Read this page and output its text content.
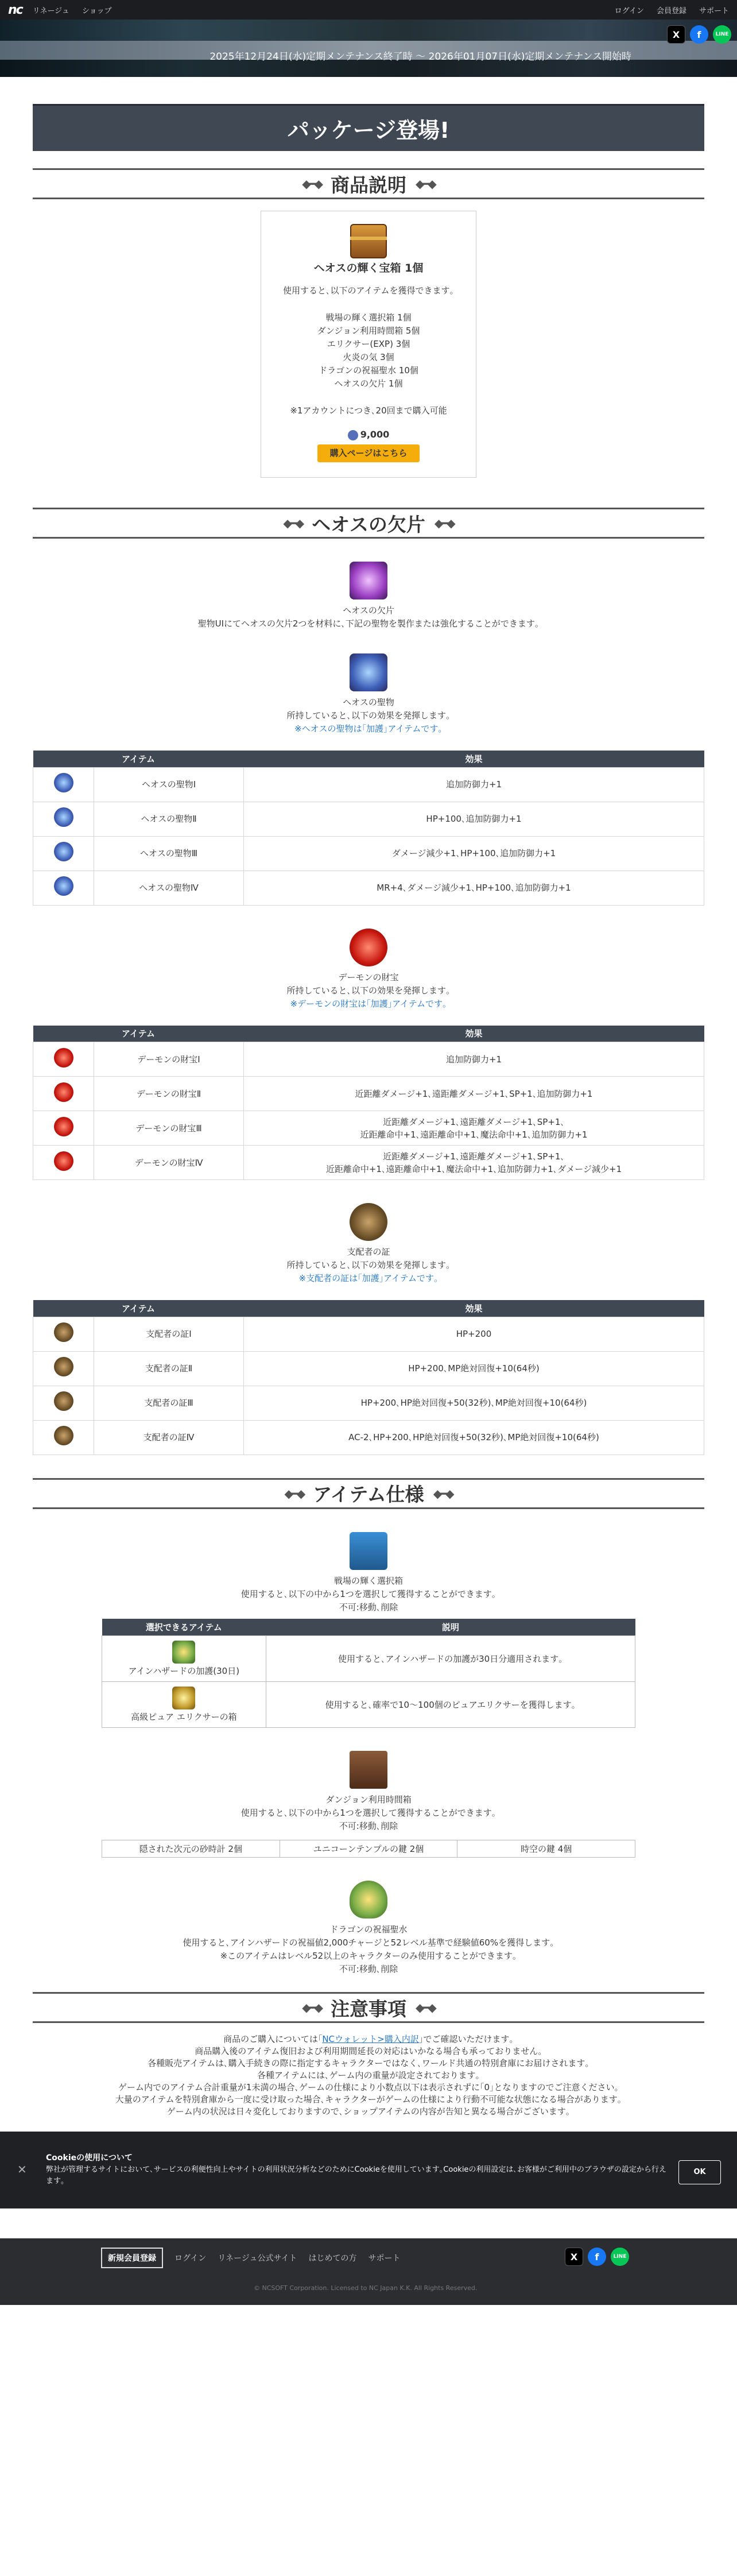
nc リネージュ ショップ	ログイン 会員登録 サポート
2025年12月24日(水)定期メンテナンス終了時 〜 2026年01月07日(水)定期メンテナンス開始時
X	f	LINE
パッケージ登場!
◆━◆ 商品説明 ◆━◆
ヘオスの輝く宝箱 1個

使用すると､以下のアイテムを獲得できます｡

戦場の輝く選択箱 1個

ダンジョン利用時間箱 5個

エリクサー(EXP) 3個

火炎の気 3個

ドラゴンの祝福聖水 10個

ヘオスの欠片 1個

※1アカウントにつき､20回まで購入可能

9,000
購入ページはこちら
◆━◆ ヘオスの欠片 ◆━◆

ヘオスの欠片

聖物UIにてヘオスの欠片2つを材料に､下記の聖物を製作または強化することができます｡

ヘオスの聖物

所持していると､以下の効果を発揮します｡

※ヘオスの聖物は｢加護｣アイテムです｡

アイテム		効果
	ヘオスの聖物Ⅰ	追加防御力+1
	ヘオスの聖物Ⅱ	HP+100､追加防御力+1
	ヘオスの聖物Ⅲ	ダメージ減少+1､HP+100､追加防御力+1
	ヘオスの聖物Ⅳ	MR+4､ダメージ減少+1､HP+100､追加防御力+1

デーモンの財宝

所持していると､以下の効果を発揮します｡

※デーモンの財宝は｢加護｣アイテムです｡

アイテム		効果
	デーモンの財宝Ⅰ	追加防御力+1
	デーモンの財宝Ⅱ	近距離ダメージ+1､遠距離ダメージ+1､SP+1､追加防御力+1
	デーモンの財宝Ⅲ	近距離ダメージ+1､遠距離ダメージ+1､SP+1､
近距離命中+1､遠距離命中+1､魔法命中+1､追加防御力+1
	デーモンの財宝Ⅳ	近距離ダメージ+1､遠距離ダメージ+1､SP+1､
近距離命中+1､遠距離命中+1､魔法命中+1､追加防御力+1､ダメージ減少+1

支配者の証

所持していると､以下の効果を発揮します｡

※支配者の証は｢加護｣アイテムです｡

アイテム		効果
	支配者の証Ⅰ	HP+200
	支配者の証Ⅱ	HP+200､MP絶対回復+10(64秒)
	支配者の証Ⅲ	HP+200､HP絶対回復+50(32秒)､MP絶対回復+10(64秒)
	支配者の証Ⅳ	AC-2､HP+200､HP絶対回復+50(32秒)､MP絶対回復+10(64秒)
◆━◆ アイテム仕様 ◆━◆

戦場の輝く選択箱

使用すると､以下の中から1つを選択して獲得することができます｡

不可:移動､削除

選択できるアイテム	説明

アインハザードの加護(30日)	使用すると､アインハザードの加護が30日分適用されます｡

高級ピュア エリクサーの箱	使用すると､確率で10〜100個のピュアエリクサーを獲得します｡

ダンジョン利用時間箱

使用すると､以下の中から1つを選択して獲得することができます｡

不可:移動､削除

隠された次元の砂時計 2個	ユニコーンテンプルの鍵 2個	時空の鍵 4個

ドラゴンの祝福聖水

使用すると､アインハザードの祝福値2,000チャージと52レベル基準で経験値60%を獲得します｡

※このアイテムはレベル52以上のキャラクターのみ使用することができます｡

不可:移動､削除

◆━◆ 注意事項 ◆━◆

商品のご購入については｢NCウォレット>購入内訳｣でご確認いただけます｡

商品購入後のアイテム復旧および利用期間延長の対応はいかなる場合も承っておりません｡

各種販売アイテムは､購入手続きの際に指定するキャラクターではなく､ワールド共通の特別倉庫にお届けされます｡

各種アイテムには､ゲーム内の重量が設定されております｡

ゲーム内でのアイテム合計重量が1未満の場合､ゲームの仕様により小数点以下は表示されずに｢0｣となりますのでご注意ください｡

大量のアイテムを特別倉庫から一度に受け取った場合､キャラクターがゲームの仕様により行動不可能な状態になる場合があります｡

ゲーム内の状況は日々変化しておりますので､ショップアイテムの内容が告知と異なる場合がございます｡

✕
Cookieの使用について
弊社が管理するサイトにおいて､サービスの利便性向上やサイトの利用状況分析などのためにCookieを使用しています｡Cookieの利用設定は､お客様がご利用中のブラウザの設定から行えます｡
OK
新規会員登録	ログイン リネージュ公式サイト はじめての方 サポート	X	f	LINE
© NCSOFT Corporation. Licensed to NC Japan K.K. All Rights Reserved.
